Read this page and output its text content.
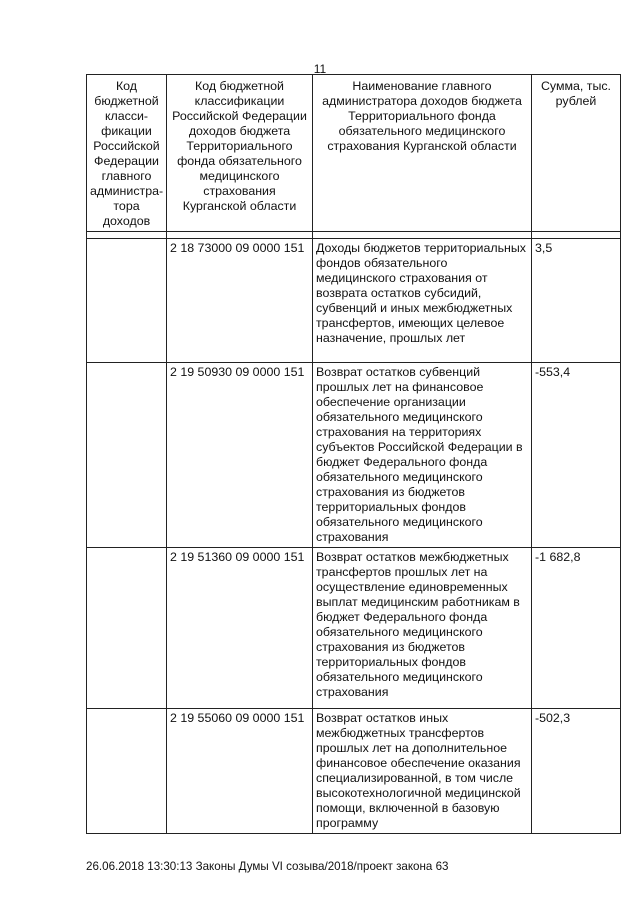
11
Код бюджетной класси-фикации Российской Федерации главного администра-тора доходов	Код бюджетной классификации Российской Федерации доходов бюджета Территориального фонда обязательного медицинского страхования Курганской области	Наименование главного администратора доходов бюджета Территориального фонда обязательного медицинского страхования Курганской области	Сумма, тыс. рублей

	2 18 73000 09 0000 151	Доходы бюджетов территориальных фондов обязательного медицинского страхования от возврата остатков субсидий, субвенций и иных межбюджетных трансфертов, имеющих целевое назначение, прошлых лет	3,5
	2 19 50930 09 0000 151	Возврат остатков субвенций прошлых лет на финансовое обеспечение организации обязательного медицинского страхования на территориях субъектов Российской Федерации в бюджет Федерального фонда обязательного медицинского страхования из бюджетов территориальных фондов обязательного медицинского страхования	-553,4
	2 19 51360 09 0000 151	Возврат остатков межбюджетных трансфертов прошлых лет на осуществление единовременных выплат медицинским работникам в бюджет Федерального фонда обязательного медицинского страхования из бюджетов территориальных фондов обязательного медицинского страхования	-1 682,8
	2 19 55060 09 0000 151	Возврат остатков иных межбюджетных трансфертов прошлых лет на дополнительное финансовое обеспечение оказания специализированной, в том числе высокотехнологичной медицинской помощи, включенной в базовую программу	-502,3
26.06.2018 13:30:13 Законы Думы VI созыва/2018/проект закона 63
